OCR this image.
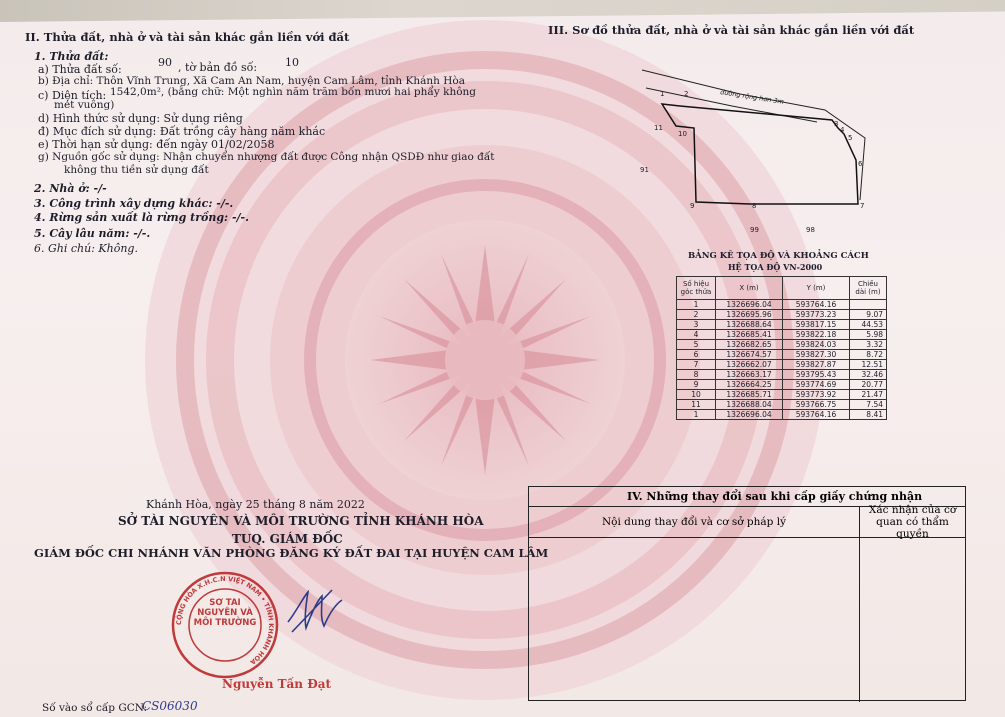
II. Thửa đất, nhà ở và tài sản khác gắn liền với đất
1. Thửa đất:
a) Thửa đất số:
90 , tờ bản đồ số:	10
b) Địa chỉ: Thôn Vĩnh Trung, Xã Cam An Nam, huyện Cam Lâm, tỉnh Khánh Hòa
c) Diện tích: 1542,0m², (bằng chữ: Một nghìn năm trăm bốn mươi hai phẩy không
mét vuông)
d) Hình thức sử dụng: Sử dụng riêng
đ) Mục đích sử dụng: Đất trồng cây hàng năm khác
e) Thời hạn sử dụng: đến ngày 01/02/2058
g) Nguồn gốc sử dụng: Nhận chuyển nhượng đất được Công nhận QSDĐ như giao đất
không thu tiền sử dụng đất
2. Nhà ở: -/-
3. Công trình xây dựng khác: -/-.
4. Rừng sản xuất là rừng trồng: -/-.
5. Cây lâu năm: -/-.
6. Ghi chú: Không.
III. Sơ đồ thửa đất, nhà ở và tài sản khác gắn liền với đất
1	2
3
4
5
6
7
8
9
10
11
91
99	98
đường rộng hơn 3m
BẢNG KÊ TỌA ĐỘ VÀ KHOẢNG CÁCH
HỆ TỌA ĐỘ VN-2000
Số hiệu góc thửa	X (m)	Y (m)	Chiều dài (m)
1	1326696.04	593764.16	
2	1326695.96	593773.23	9.07
3	1326688.64	593817.15	44.53
4	1326685.41	593822.18	5.98
5	1326682.65	593824.03	3.32
6	1326674.57	593827.30	8.72
7	1326662.07	593827.87	12.51
8	1326663.17	593795.43	32.46
9	1326664.25	593774.69	20.77
10	1326685.71	593773.92	21.47
11	1326688.04	593766.75	7.54
1	1326696.04	593764.16	8.41
Khánh Hòa, ngày 25 tháng 8 năm 2022
SỞ TÀI NGUYÊN VÀ MÔI TRƯỜNG TỈNH KHÁNH HÒA
TUQ. GIÁM ĐỐC
GIÁM ĐỐC CHI NHÁNH VĂN PHÒNG ĐĂNG KÝ ĐẤT ĐAI TẠI HUYỆN CAM LÂM
CỘNG HÒA X.H.C.N VIỆT NAM • TỈNH KHÁNH HÒA
SỞ TÀI NGUYÊN VÀ MÔI TRƯỜNG
Nguyễn Tấn Đạt
Số vào sổ cấp GCN:
CS06030
IV. Những thay đổi sau khi cấp giấy chứng nhận
Nội dung thay đổi và cơ sở pháp lý
Xác nhận của cơ quan có thẩm quyền
